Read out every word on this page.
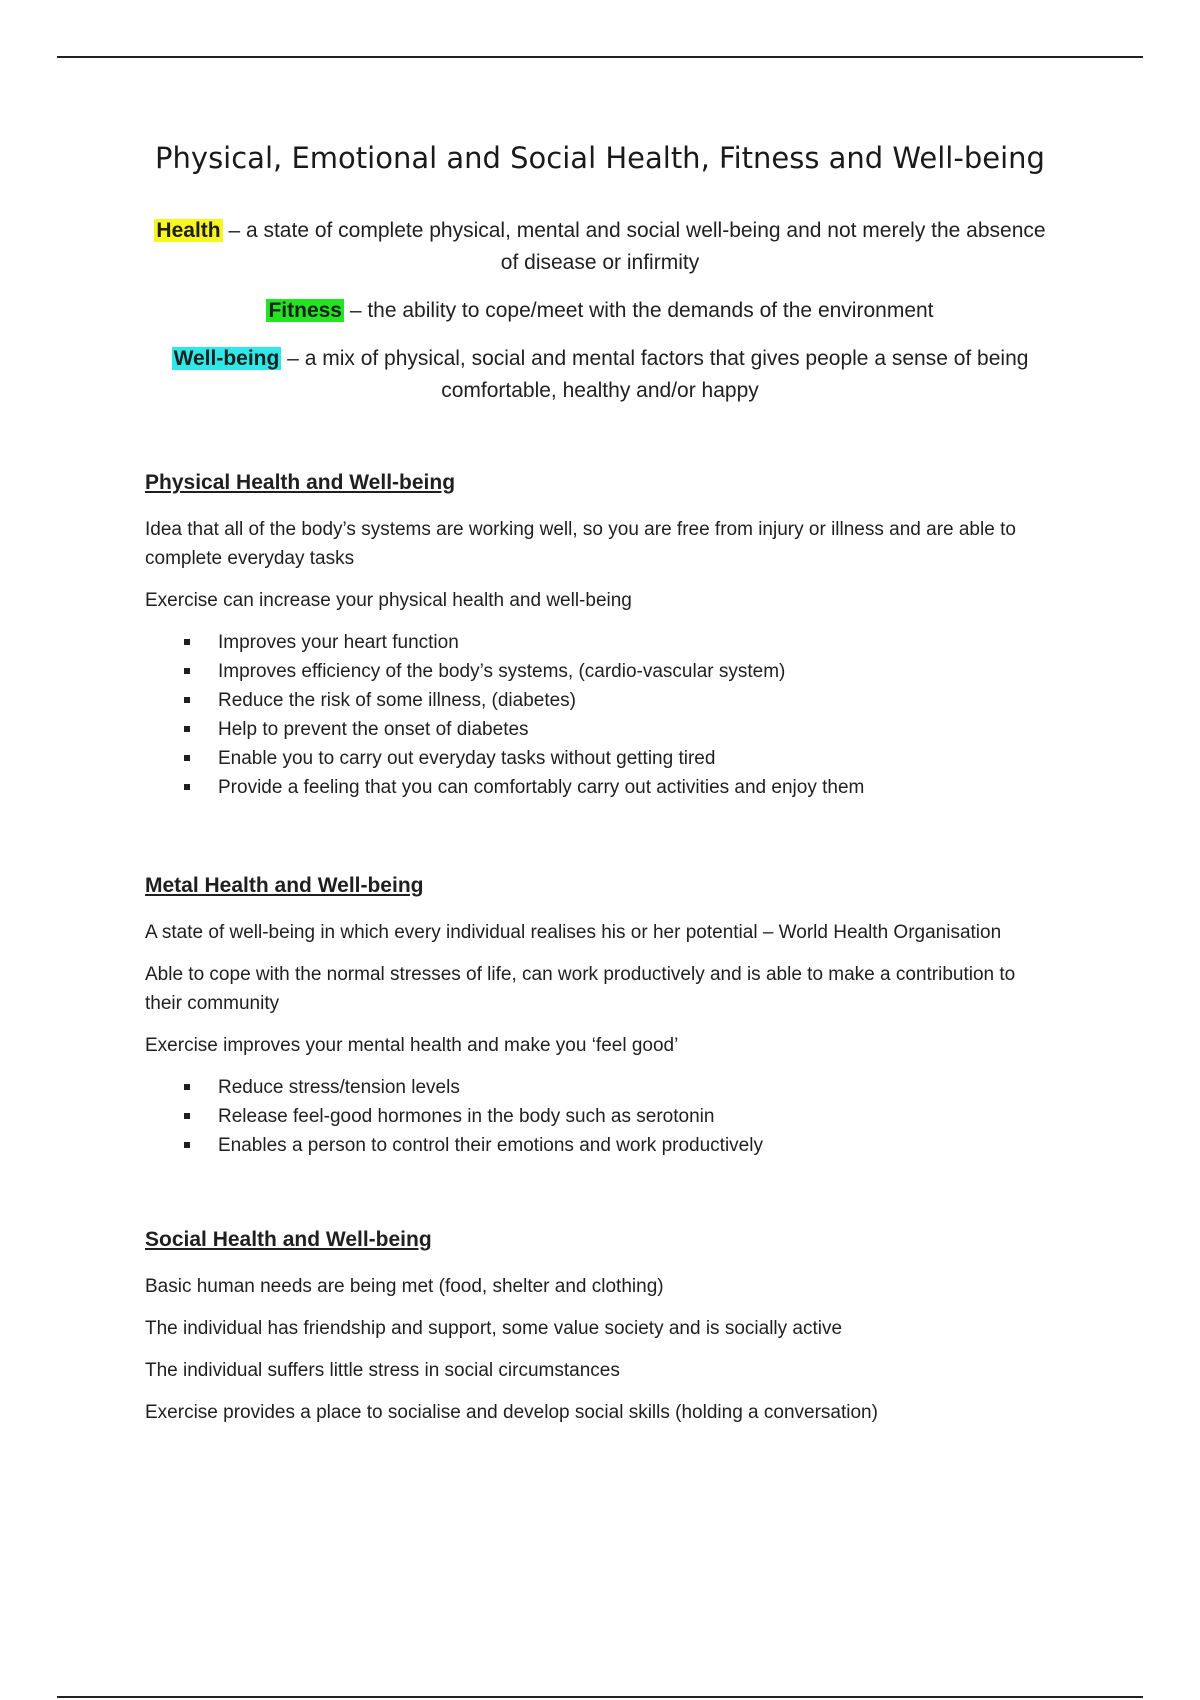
Physical, Emotional and Social Health, Fitness and Well-being

Health – a state of complete physical, mental and social well-being and not merely the absence of disease or infirmity

Fitness – the ability to cope/meet with the demands of the environment

Well-being – a mix of physical, social and mental factors that gives people a sense of being comfortable, healthy and/or happy

Physical Health and Well-being

Idea that all of the body’s systems are working well, so you are free from injury or illness and are able to complete everyday tasks

Exercise can increase your physical health and well-being

Improves your heart function
Improves efficiency of the body’s systems, (cardio-vascular system)
Reduce the risk of some illness, (diabetes)
Help to prevent the onset of diabetes
Enable you to carry out everyday tasks without getting tired
Provide a feeling that you can comfortably carry out activities and enjoy them
Metal Health and Well-being

A state of well-being in which every individual realises his or her potential – World Health Organisation

Able to cope with the normal stresses of life, can work productively and is able to make a contribution to their community

Exercise improves your mental health and make you ‘feel good’

Reduce stress/tension levels
Release feel-good hormones in the body such as serotonin
Enables a person to control their emotions and work productively
Social Health and Well-being

Basic human needs are being met (food, shelter and clothing)

The individual has friendship and support, some value society and is socially active

The individual suffers little stress in social circumstances

Exercise provides a place to socialise and develop social skills (holding a conversation)
